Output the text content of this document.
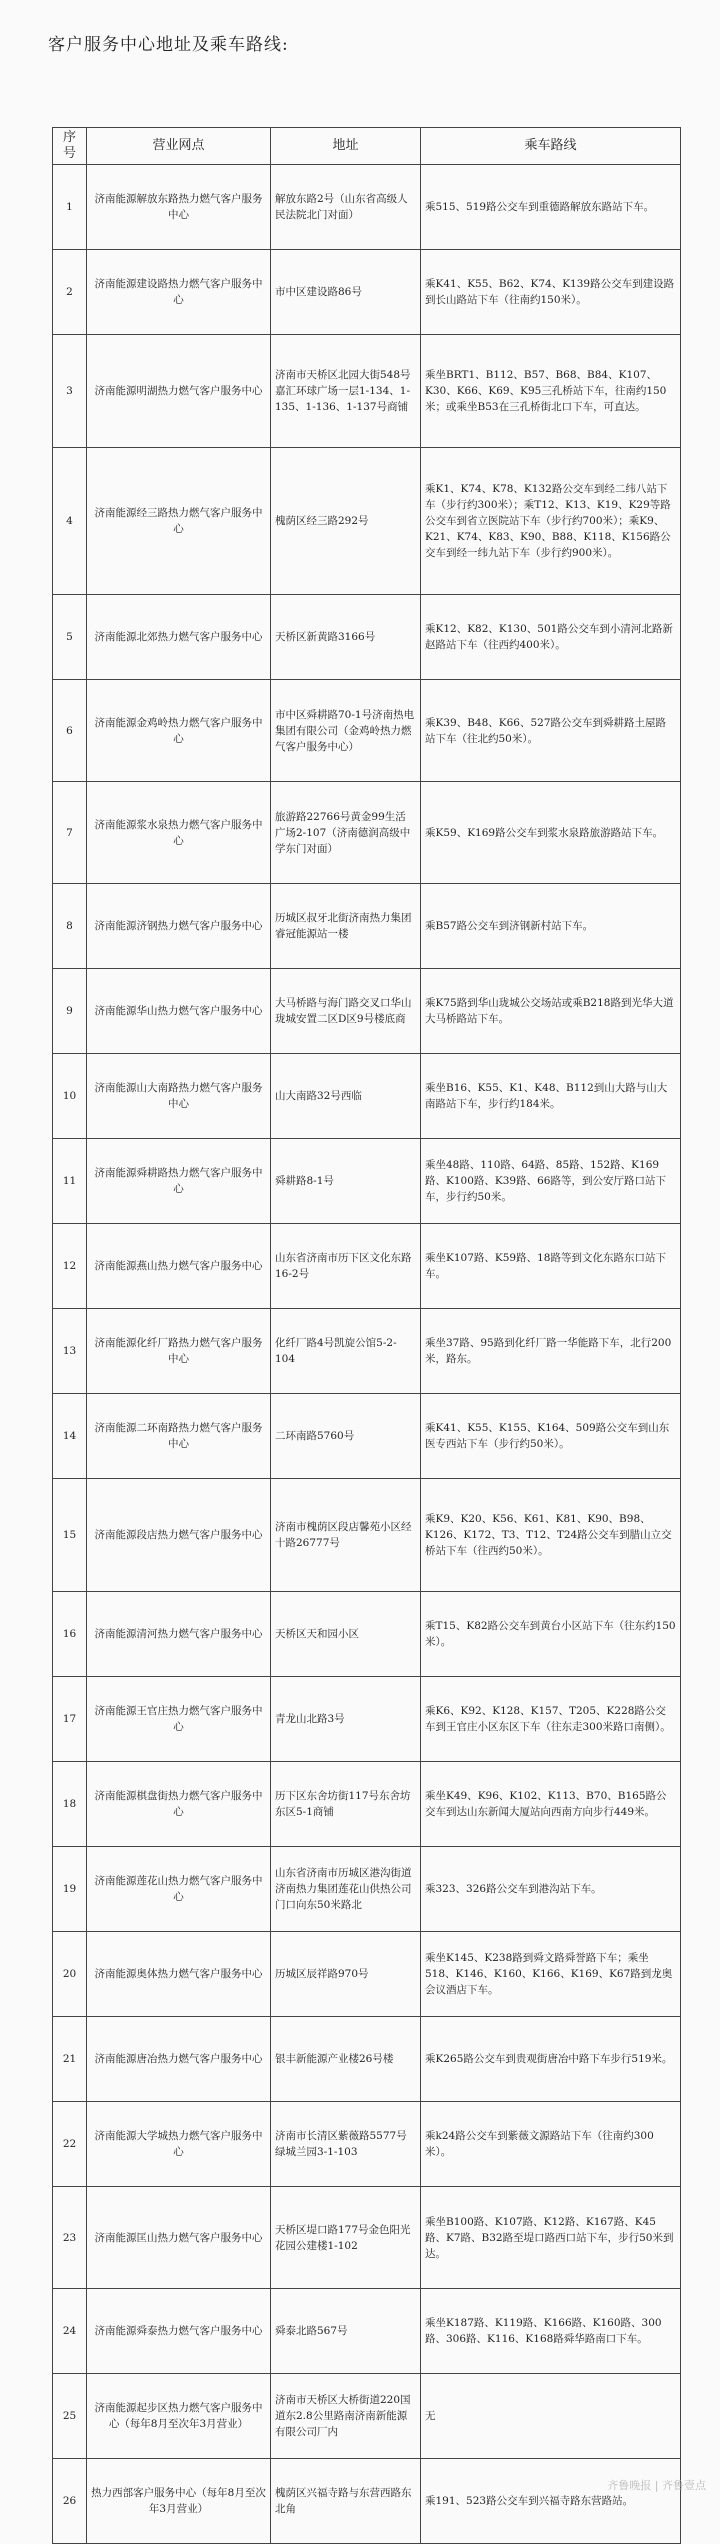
客户服务中心地址及乘车路线:
序号	营业网点	地址	乘车路线
1	济南能源解放东路热力燃气客户服务中心	解放东路2号（山东省高级人民法院北门对面）	乘515、519路公交车到重德路解放东路站下车。
2	济南能源建设路热力燃气客户服务中心	市中区建设路86号	乘K41、K55、B62、K74、K139路公交车到建设路到长山路站下车（往南约150米）。
3	济南能源明湖热力燃气客户服务中心	济南市天桥区北园大街548号嘉汇环球广场一层1-134、1-135、1-136、1-137号商铺	乘坐BRT1、B112、B57、B68、B84、K107、K30、K66、K69、K95三孔桥站下车，往南约150米；或乘坐B53在三孔桥街北口下车，可直达。
4	济南能源经三路热力燃气客户服务中心	槐荫区经三路292号	乘K1、K74、K78、K132路公交车到经二纬八站下车（步行约300米）；乘T12、K13、K19、K29等路公交车到省立医院站下车（步行约700米）；乘K9、K21、K74、K83、K90、B88、K118、K156路公交车到经一纬九站下车（步行约900米）。
5	济南能源北郊热力燃气客户服务中心	天桥区新黄路3166号	乘K12、K82、K130、501路公交车到小清河北路新赵路站下车（往西约400米）。
6	济南能源金鸡岭热力燃气客户服务中心	市中区舜耕路70-1号济南热电集团有限公司（金鸡岭热力燃气客户服务中心）	乘K39、B48、K66、527路公交车到舜耕路土屋路站下车（往北约50米）。
7	济南能源浆水泉热力燃气客户服务中心	旅游路22766号黄金99生活广场2-107（济南德润高级中学东门对面）	乘K59、K169路公交车到浆水泉路旅游路站下车。
8	济南能源济钢热力燃气客户服务中心	历城区叔牙北街济南热力集团睿冠能源站一楼	乘B57路公交车到济钢新村站下车。
9	济南能源华山热力燃气客户服务中心	大马桥路与海门路交叉口华山珑城安置二区D区9号楼底商	乘K75路到华山珑城公交场站或乘B218路到光华大道大马桥路站下车。
10	济南能源山大南路热力燃气客户服务中心	山大南路32号西临	乘坐B16、K55、K1、K48、B112到山大路与山大南路站下车，步行约184米。
11	济南能源舜耕路热力燃气客户服务中心	舜耕路8-1号	乘坐48路、110路、64路、85路、152路、K169路、K100路、K39路、66路等，到公安厅路口站下车，步行约50米。
12	济南能源燕山热力燃气客户服务中心	山东省济南市历下区文化东路16-2号	乘坐K107路、K59路、18路等到文化东路东口站下车。
13	济南能源化纤厂路热力燃气客户服务中心	化纤厂路4号凯旋公馆5-2-104	乘坐37路、95路到化纤厂路一华能路下车，北行200米，路东。
14	济南能源二环南路热力燃气客户服务中心	二环南路5760号	乘K41、K55、K155、K164、509路公交车到山东医专西站下车（步行约50米）。
15	济南能源段店热力燃气客户服务中心	济南市槐荫区段店馨苑小区经十路26777号	乘K9、K20、K56、K61、K81、K90、B98、K126、K172、T3、T12、T24路公交车到腊山立交桥站下车（往西约50米）。
16	济南能源清河热力燃气客户服务中心	天桥区天和园小区	乘T15、K82路公交车到黄台小区站下车（往东约150米）。
17	济南能源王官庄热力燃气客户服务中心	青龙山北路3号	乘K6、K92、K128、K157、T205、K228路公交车到王官庄小区东区下车（往东走300米路口南侧）。
18	济南能源棋盘街热力燃气客户服务中心	历下区东舍坊街117号东舍坊东区5-1商铺	乘坐K49、K96、K102、K113、B70、B165路公交车到达山东新闻大厦站向西南方向步行449米。
19	济南能源莲花山热力燃气客户服务中心	山东省济南市历城区港沟街道济南热力集团莲花山供热公司门口向东50米路北	乘323、326路公交车到港沟站下车。
20	济南能源奥体热力燃气客户服务中心	历城区辰祥路970号	乘坐K145、K238路到舜文路舜誉路下车；乘坐518、K146、K160、K166、K169、K67路到龙奥会议酒店下车。
21	济南能源唐冶热力燃气客户服务中心	银丰新能源产业楼26号楼	乘K265路公交车到贵观街唐冶中路下车步行519米。
22	济南能源大学城热力燃气客户服务中心	济南市长清区紫薇路5577号绿城兰园3-1-103	乘k24路公交车到紫薇文源路站下车（往南约300米）。
23	济南能源匡山热力燃气客户服务中心	天桥区堤口路177号金色阳光花园公建楼1-102	乘坐B100路、K107路、K12路、K167路、K45路、K7路、B32路至堤口路西口站下车，步行50米到达。
24	济南能源舜泰热力燃气客户服务中心	舜泰北路567号	乘坐K187路、K119路、K166路、K160路、300路、306路、K116、K168路舜华路南口下车。
25	济南能源起步区热力燃气客户服务中心（每年8月至次年3月营业）	济南市天桥区大桥街道220国道东2.8公里路南济南新能源有限公司厂内	无
26	热力西部客户服务中心（每年8月至次年3月营业）	槐荫区兴福寺路与东营西路东北角	乘191、523路公交车到兴福寺路东营路站。
齐鲁晚报 | 齐鲁壹点
